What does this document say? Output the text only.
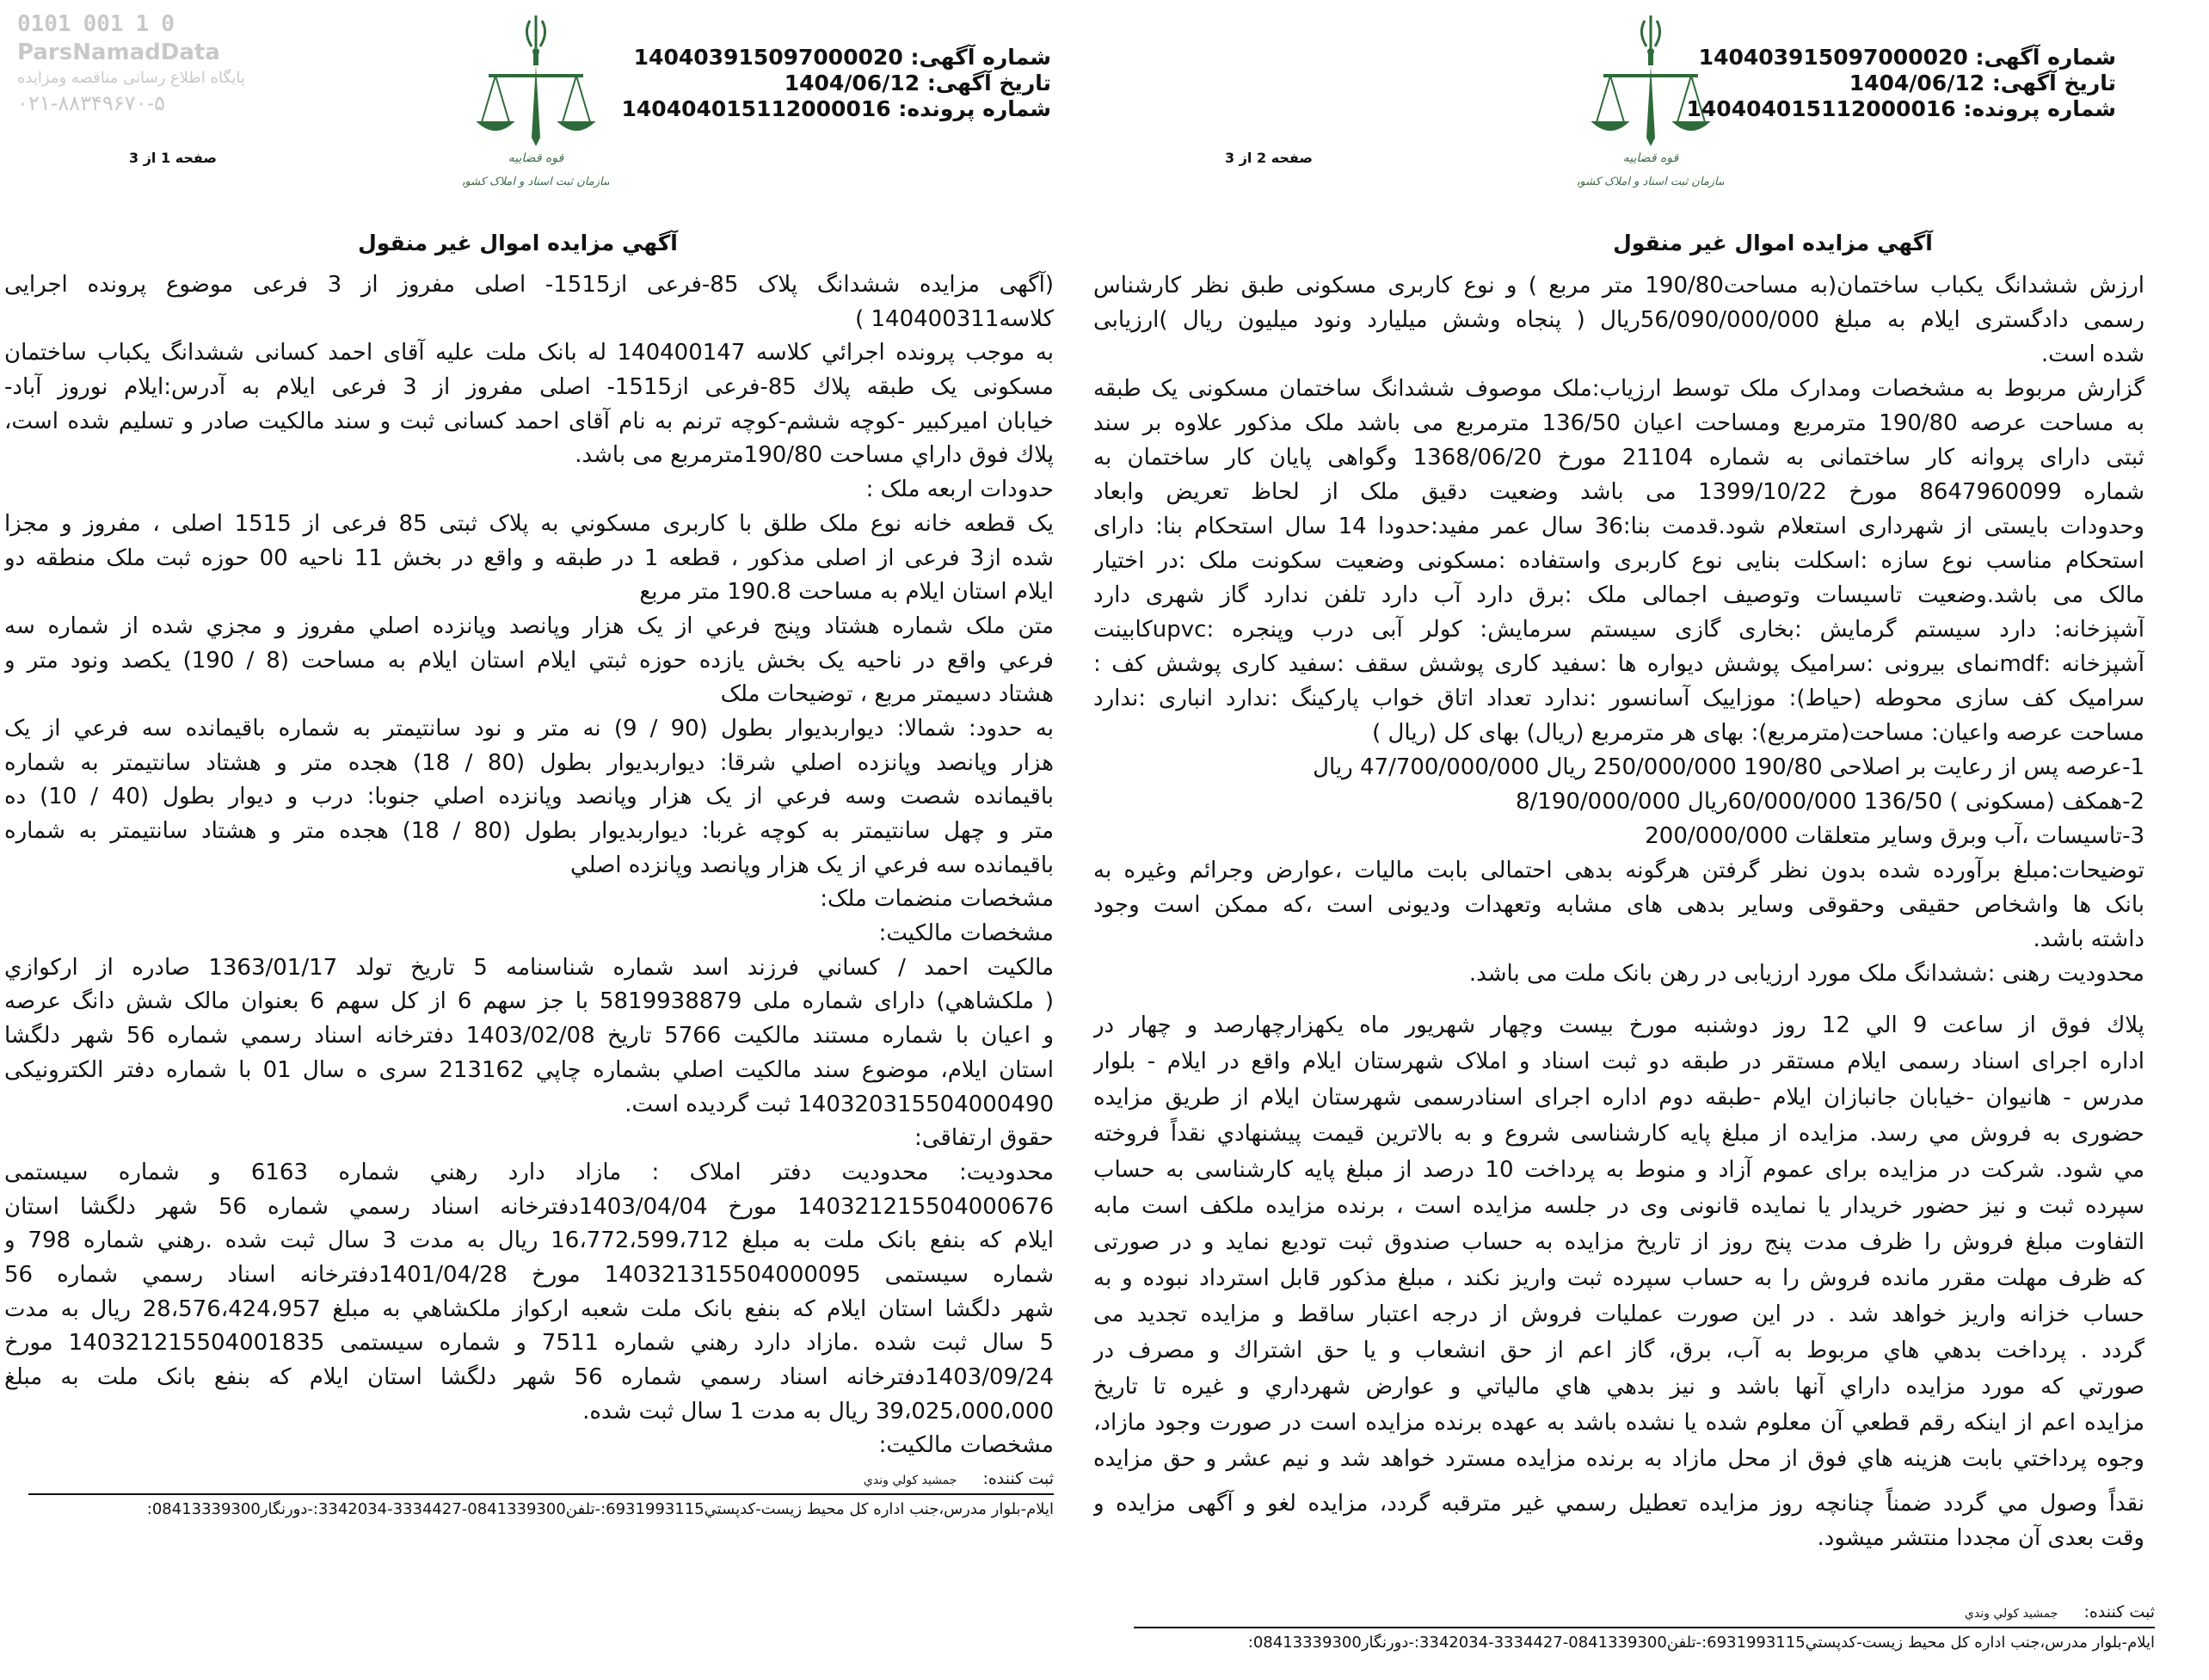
شماره آگهی: 140403915097000020
تاریخ آگهی: 1404/06/12
شماره پرونده: 140404015112000016
قوه قضاییه
سازمان ثبت اسناد و املاک کشور
صفحه 1 از 3
آگهي مزايده اموال غير منقول
(آگهی مزایده ششدانگ پلاک 85-فرعی از1515- اصلی مفروز از 3 فرعی موضوع پرونده اجرایی
کلاسه140400311 )
به موجب پرونده اجرائي كلاسه 140400147 له بانک ملت علیه آقای احمد کسانی ششدانگ یکباب ساختمان
مسکونی یک طبقه پلاك 85-فرعی از1515- اصلی مفروز از 3 فرعی ایلام به آدرس:ایلام نوروز آباد-
خیابان امیرکبیر -کوچه ششم-کوچه ترنم به نام آقای احمد کسانی ثبت و سند مالکیت صادر و تسلیم شده است،
پلاك فوق داراي مساحت 190/80مترمربع می باشد.
حدودات اربعه ملک :
یک قطعه خانه نوع ملک طلق با کاربری مسکوني به پلاک ثبتی 85 فرعی از 1515 اصلی ، مفروز و مجزا
شده از3 فرعی از اصلی مذکور ، قطعه 1 در طبقه و واقع در بخش 11 ناحیه 00 حوزه ثبت ملک منطقه دو
ایلام استان ایلام به مساحت 190.8 متر مربع
متن ملک شماره هشتاد وپنج فرعي از یک هزار وپانصد وپانزده اصلي مفروز و مجزي شده از شماره سه
فرعي واقع در ناحیه یک بخش یازده حوزه ثبتي ایلام استان ایلام به مساحت (8 / 190) یکصد ونود متر و
هشتاد دسیمتر مربع ، توضیحات ملک
به حدود: شمالا: دیواربدیوار بطول (90 / 9) نه متر و نود سانتیمتر به شماره باقیمانده سه فرعي از یک
هزار وپانصد وپانزده اصلي شرقا: دیواربدیوار بطول (80 / 18) هجده متر و هشتاد سانتیمتر به شماره
باقیمانده شصت وسه فرعي از یک هزار وپانصد وپانزده اصلي جنوبا: درب و دیوار بطول (40 / 10) ده
متر و چهل سانتیمتر به کوچه غربا: دیواربدیوار بطول (80 / 18) هجده متر و هشتاد سانتیمتر به شماره
باقیمانده سه فرعي از یک هزار وپانصد وپانزده اصلي
مشخصات منضمات ملک:
مشخصات مالکیت:
مالکیت احمد / کساني فرزند اسد شماره شناسنامه 5 تاریخ تولد 1363/01/17 صادره از ارکوازي
( ملکشاهي) دارای شماره ملی 5819938879 با جز سهم 6 از کل سهم 6 بعنوان مالک شش دانگ عرصه
و اعیان با شماره مستند مالکیت 5766 تاریخ 1403/02/08 دفترخانه اسناد رسمي شماره 56 شهر دلگشا
استان ایلام، موضوع سند مالکیت اصلي بشماره چاپي 213162 سری ه سال 01 با شماره دفتر الکترونیکی
140320315504000490 ثبت گردیده است.
حقوق ارتفاقی:
محدودیت: محدودیت دفتر املاک : مازاد دارد رهني شماره 6163 و شماره سیستمی
140321215504000676 مورخ 1403/04/04دفترخانه اسناد رسمي شماره 56 شهر دلگشا استان
ایلام که بنفع بانک ملت به مبلغ 16،772،599،712 ریال به مدت 3 سال ثبت شده .رهني شماره 798 و
شماره سیستمی 140321315504000095 مورخ 1401/04/28دفترخانه اسناد رسمي شماره 56
شهر دلگشا استان ایلام که بنفع بانک ملت شعبه ارکواز ملکشاهي به مبلغ 28،576،424،957 ریال به مدت
5 سال ثبت شده .مازاد دارد رهني شماره 7511 و شماره سیستمی 140321215504001835 مورخ
1403/09/24دفترخانه اسناد رسمي شماره 56 شهر دلگشا استان ایلام که بنفع بانک ملت به مبلغ
39،025،000،000 ریال به مدت 1 سال ثبت شده.
مشخصات مالکیت:
ثبت كننده:
جمشيد كولي وندي
ايلام-بلوار مدرس،جنب اداره كل محيط زيست-كدپستي6931993115:-تلفن0841339300-3334427-3342034:-دورنگار08413339300:
شماره آگهی: 140403915097000020
تاریخ آگهی: 1404/06/12
شماره پرونده: 140404015112000016
قوه قضاییه
سازمان ثبت اسناد و املاک کشور
صفحه 2 از 3
آگهي مزايده اموال غير منقول
ارزش ششدانگ یکباب ساختمان(به مساحت190/80 متر مربع ) و نوع کاربری مسکونی طبق نظر کارشناس
رسمی دادگستری ایلام به مبلغ 56/090/000/000ریال ( پنجاه وشش میلیارد ونود میلیون ریال )ارزیابی
شده است.
گزارش مربوط به مشخصات ومدارک ملک توسط ارزیاب:ملک موصوف ششدانگ ساختمان مسکونی یک طبقه
به مساحت عرصه 190/80 مترمربع ومساحت اعیان 136/50 مترمربع می باشد ملک مذکور علاوه بر سند
ثبتی دارای پروانه کار ساختمانی به شماره 21104 مورخ 1368/06/20 وگواهی پایان کار ساختمان به
شماره 8647960099 مورخ 1399/10/22 می باشد وضعیت دقیق ملک از لحاظ تعریض وابعاد
وحدودات بایستی از شهرداری استعلام شود.قدمت بنا:36 سال عمر مفید:حدودا 14 سال استحکام بنا: دارای
استحکام مناسب نوع سازه :اسکلت بنایی نوع کاربری واستفاده :مسکونی وضعیت سکونت ملک :در اختیار
مالک می باشد.وضعیت تاسیسات وتوصیف اجمالی ملک :برق دارد آب دارد تلفن ندارد گاز شهری دارد
آشپزخانه: دارد سیستم گرمایش :بخاری گازی سیستم سرمایش: کولر آبی درب وپنجره :upvcکابینت
آشپزخانه :mdfنمای بیرونی :سرامیک پوشش دیواره ها :سفید کاری پوشش سقف :سفید کاری پوشش کف :
سرامیک کف سازی محوطه (حیاط): موزاییک آسانسور :ندارد تعداد اتاق خواب پارکینگ :ندارد انباری :ندارد
مساحت عرصه واعیان: مساحت(مترمربع): بهای هر مترمربع (ریال) بهای کل (ریال )
1-عرصه پس از رعایت بر اصلاحی 190/80 250/000/000 ریال 47/700/000/000 ریال
2-همکف (مسکونی ) 136/50 60/000/000ریال 8/190/000/000
3-تاسیسات ،آب وبرق وسایر متعلقات 200/000/000
توضیحات:مبلغ برآورده شده بدون نظر گرفتن هرگونه بدهی احتمالی بابت مالیات ،عوارض وجرائم وغیره به
بانک ها واشخاص حقیقی وحقوقی وسایر بدهی های مشابه وتعهدات ودیونی است ،که ممکن است وجود
داشته باشد.
محدودیت رهنی :ششدانگ ملک مورد ارزیابی در رهن بانک ملت می باشد.
پلاك فوق از ساعت 9 الي 12 روز دوشنبه مورخ بیست وچهار شهریور ماه یکهزارچهارصد و چهار در
اداره اجرای اسناد رسمی ایلام مستقر در طبقه دو ثبت اسناد و املاک شهرستان ایلام واقع در ایلام - بلوار
مدرس - هانیوان -خیابان جانبازان ایلام -طبقه دوم اداره اجرای اسنادرسمی شهرستان ایلام از طریق مزایده
حضوری به فروش مي رسد. مزایده از مبلغ پایه کارشناسی شروع و به بالاترین قیمت پیشنهادي نقداً فروخته
مي شود. شرکت در مزایده برای عموم آزاد و منوط به پرداخت 10 درصد از مبلغ پایه کارشناسی به حساب
سپرده ثبت و نیز حضور خریدار یا نمایده قانونی وی در جلسه مزایده است ، برنده مزایده ملکف است مابه
التفاوت مبلغ فروش را ظرف مدت پنج روز از تاریخ مزایده به حساب صندوق ثبت تودیع نماید و در صورتی
که ظرف مهلت مقرر مانده فروش را به حساب سپرده ثبت واریز نکند ، مبلغ مذکور قابل استرداد نبوده و به
حساب خزانه واریز خواهد شد . در این صورت عملیات فروش از درجه اعتبار ساقط و مزایده تجدید می
گردد . پرداخت بدهي هاي مربوط به آب، برق، گاز اعم از حق انشعاب و یا حق اشتراك و مصرف در
صورتي که مورد مزایده داراي آنها باشد و نیز بدهي هاي مالیاتي و عوارض شهرداري و غیره تا تاریخ
مزایده اعم از اینکه رقم قطعي آن معلوم شده یا نشده باشد به عهده برنده مزایده است در صورت وجود مازاد،
وجوه پرداختي بابت هزینه هاي فوق از محل مازاد به برنده مزایده مسترد خواهد شد و نیم عشر و حق مزایده
نقداً وصول مي گردد ضمناً چنانچه روز مزایده تعطیل رسمي غیر مترقبه گردد، مزایده لغو و آگهی مزایده و
وقت بعدی آن مجددا منتشر میشود.
ثبت كننده:
جمشيد كولي وندي
ايلام-بلوار مدرس،جنب اداره كل محيط زيست-كدپستي6931993115:-تلفن0841339300-3334427-3342034:-دورنگار08413339300:
0101 001 1 0
ParsNamadData
پایگاه اطلاع رسانی مناقصه ومزایده
۰۲۱-۸۸۳۴۹۶۷۰-۵
